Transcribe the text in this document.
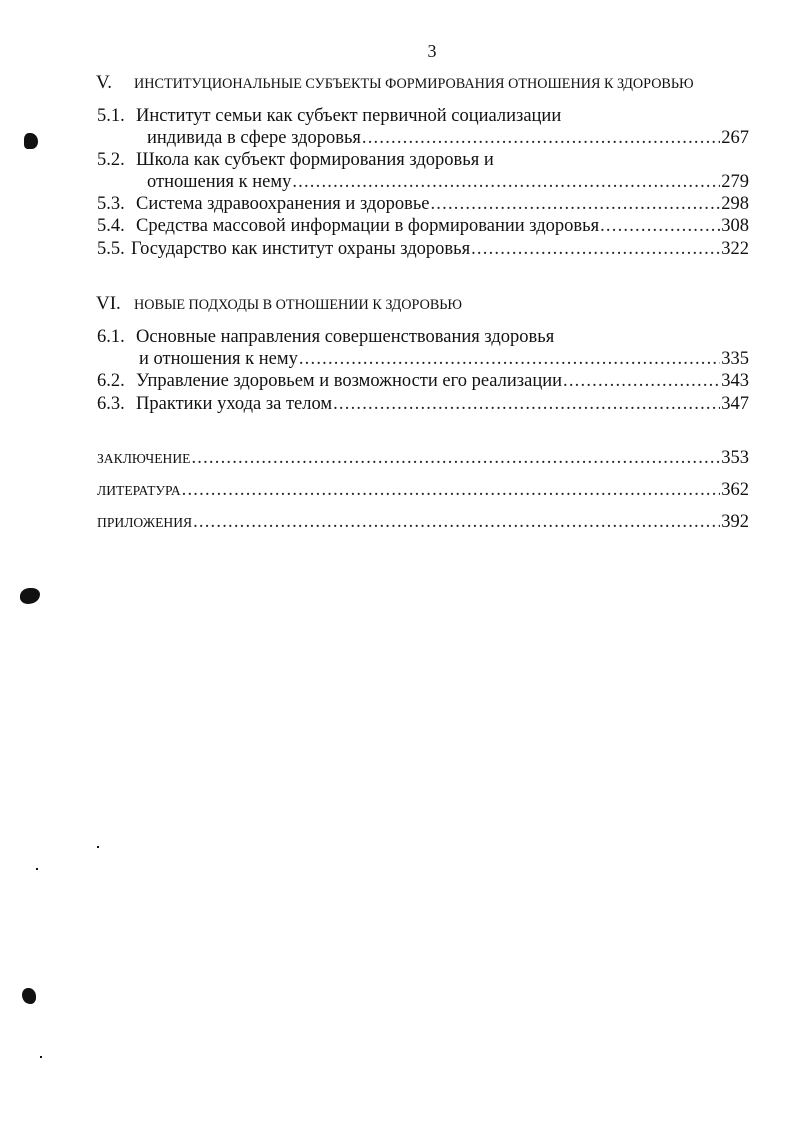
3
V. ИНСТИТУЦИОНАЛЬНЫЕ СУБЪЕКТЫ ФОРМИРОВАНИЯ ОТНОШЕНИЯ К ЗДОРОВЬЮ
5.1. Институт семьи как субъект первичной социализации
индивида в сфере здоровья .....	267
5.2. Школа как субъект формирования здоровья и
отношения к нему .....	279
5.3. Система здравоохранения и здоровье .....	298
5.4. Средства массовой информации в формировании здоровья .....	308
5.5. Государство как институт охраны здоровья .....	322
VI. НОВЫЕ ПОДХОДЫ В ОТНОШЕНИИ К ЗДОРОВЬЮ
6.1. Основные направления совершенствования здоровья
и отношения к нему .....	335
6.2. Управление здоровьем и возможности его реализации .....	343
6.3. Практики ухода за телом .....	347
ЗАКЛЮЧЕНИЕ .....	353
ЛИТЕРАТУРА .....	362
ПРИЛОЖЕНИЯ .....	392
